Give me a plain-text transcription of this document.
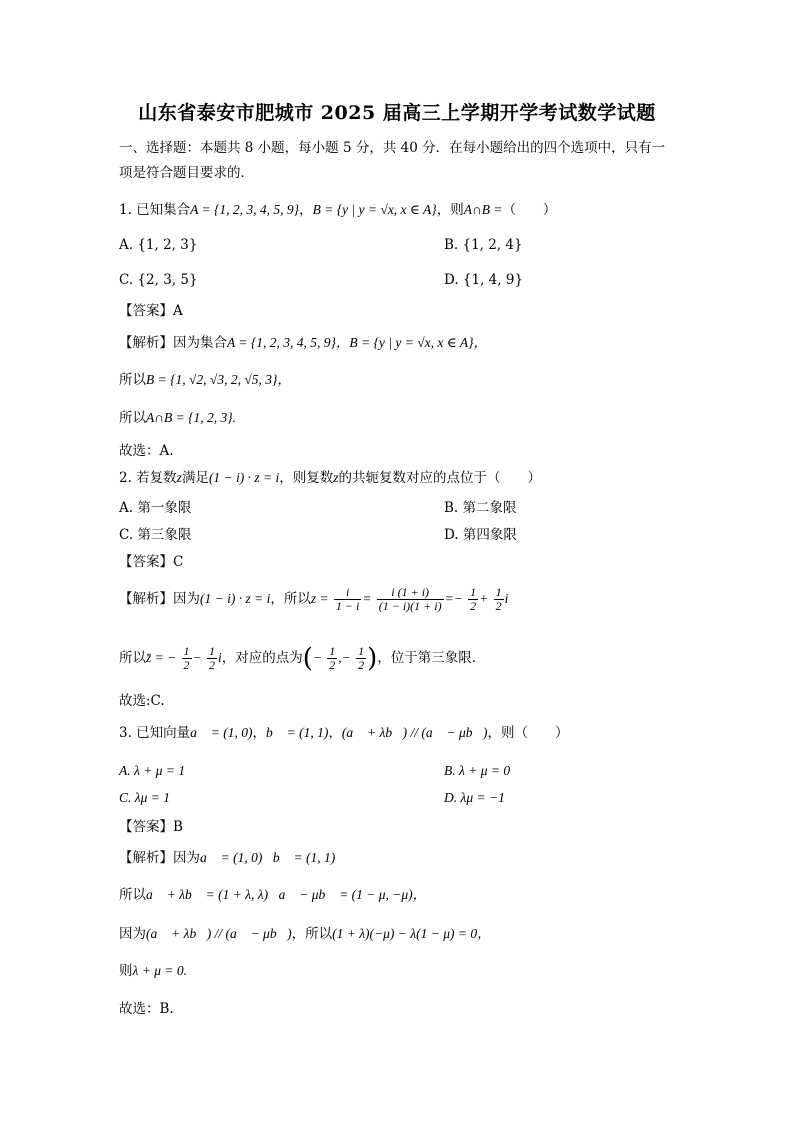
山东省泰安市肥城市 2025 届高三上学期开学考试数学试题
一、选择题：本题共 8 小题，每小题 5 分，共 40 分．在每小题给出的四个选项中，只有一
项是符合题目要求的．
1. 已知集合A = {1, 2, 3, 4, 5, 9}，B = {y | y = √x, x ∈ A}，则A∩B =（　　）
A. {1, 2, 3}	B. {1, 2, 4}
C. {2, 3, 5}	D. {1, 4, 9}
【答案】A
【解析】因为集合A = {1, 2, 3, 4, 5, 9}，B = {y | y = √x, x ∈ A}，
所以B = {1, √2, √3, 2, √5, 3}，
所以A∩B = {1, 2, 3}.
故选：A.
2. 若复数z满足(1 − i) · z = i，则复数z的共轭复数对应的点位于（　　）
A. 第一象限	B. 第二象限
C. 第三象限	D. 第四象限
【答案】C
【解析】因为(1 − i) · z = i，所以$z = \frac{i}{1 - i} = \frac{i (1 + i)}{(1 - i)(1 + i)} =- \frac{1}{2} + \frac{1}{2}$ i
所以z̄ = − $\frac{1}{2} - \frac{1}{2}$ i，对应的点为(− $\frac{1}{2}$ ,− $\frac{1}{2}$ )，位于第三象限.
故选:C.
3. 已知向量a⃗ = (1, 0)，b⃗ = (1, 1)，(a⃗ + λb⃗) // (a⃗ − μb⃗)，则（　　）
A. λ + μ = 1	B. λ + μ = 0
C. λμ = 1	D. λμ = −1
【答案】B
【解析】因为a⃗ = (1, 0)，b⃗ = (1, 1)，
所以a⃗ + λb⃗ = (1 + λ, λ)，a⃗ − μb⃗ = (1 − μ, −μ)，
因为(a⃗ + λb⃗) // (a⃗ − μb⃗)，所以(1 + λ)(−μ) − λ(1 − μ) = 0，
则λ + μ = 0.
故选：B.
